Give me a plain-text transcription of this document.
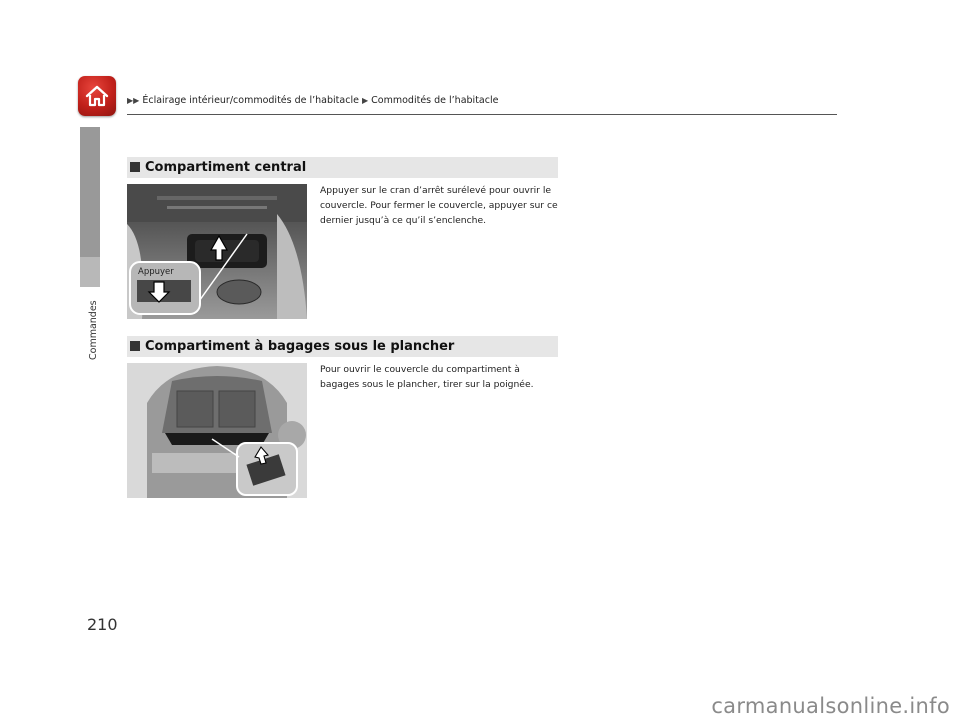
▶▶ Éclairage intérieur/commodités de l’habitacle ▶ Commodités de l’habitacle
Commandes
Compartiment central
Appuyer
Appuyer sur le cran d’arrêt surélevé pour ouvrir le couvercle. Pour fermer le couvercle, appuyer sur ce dernier jusqu’à ce qu’il s’enclenche.
Compartiment à bagages sous le plancher
Pour ouvrir le couvercle du compartiment à bagages sous le plancher, tirer sur la poignée.
210
carmanualsonline.info
